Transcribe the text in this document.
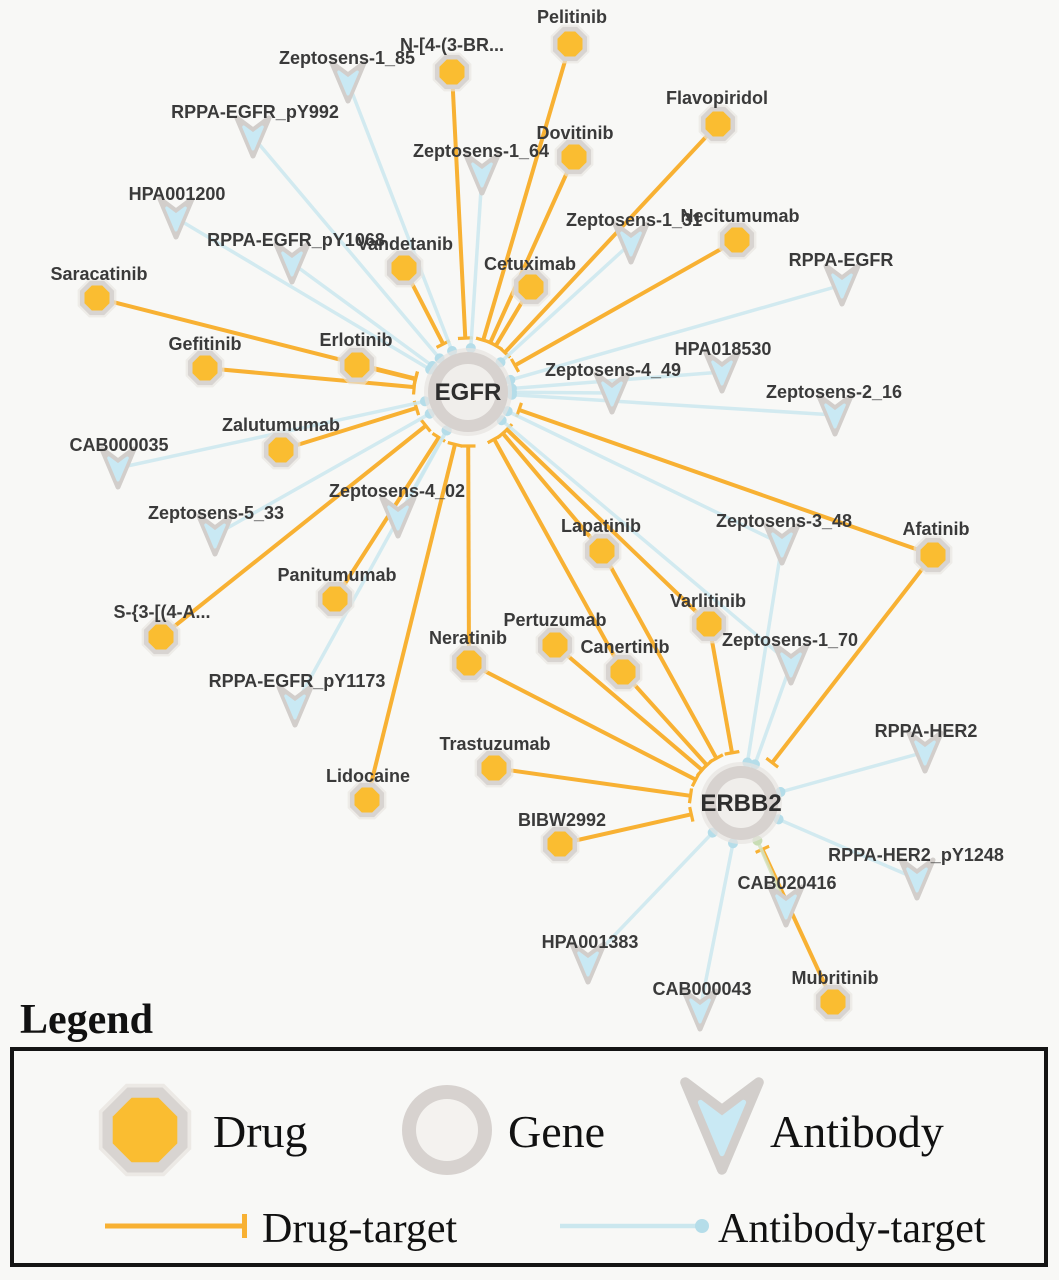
EGFR
ERBB2
Pelitinib
N-[4-(3-BR...
Dovitinib
Flavopiridol
Necitumumab
Cetuximab
Vandetanib
Saracatinib
Gefitinib	Erlotinib
Zalutumumab
Panitumumab
S-{3-[(4-A...
Lapatinib
Varlitinib
Pertuzumab
Neratinib	Canertinib
Afatinib
Trastuzumab
Lidocaine
BIBW2992
Mubritinib
Zeptosens-1_85
RPPA-EGFR_pY992
Zeptosens-1_64
HPA001200
Zeptosens-1_31
RPPA-EGFR_pY1068
RPPA-EGFR
Zeptosens-4_49
HPA018530
Zeptosens-2_16
CAB000035
Zeptosens-5_33
Zeptosens-4_02
Zeptosens-3_48
Zeptosens-1_70
RPPA-EGFR_pY1173
RPPA-HER2
RPPA-HER2_pY1248
CAB020416
HPA001383
CAB000043
Legend
Drug	Gene	Antibody
Drug-target	Antibody-target
